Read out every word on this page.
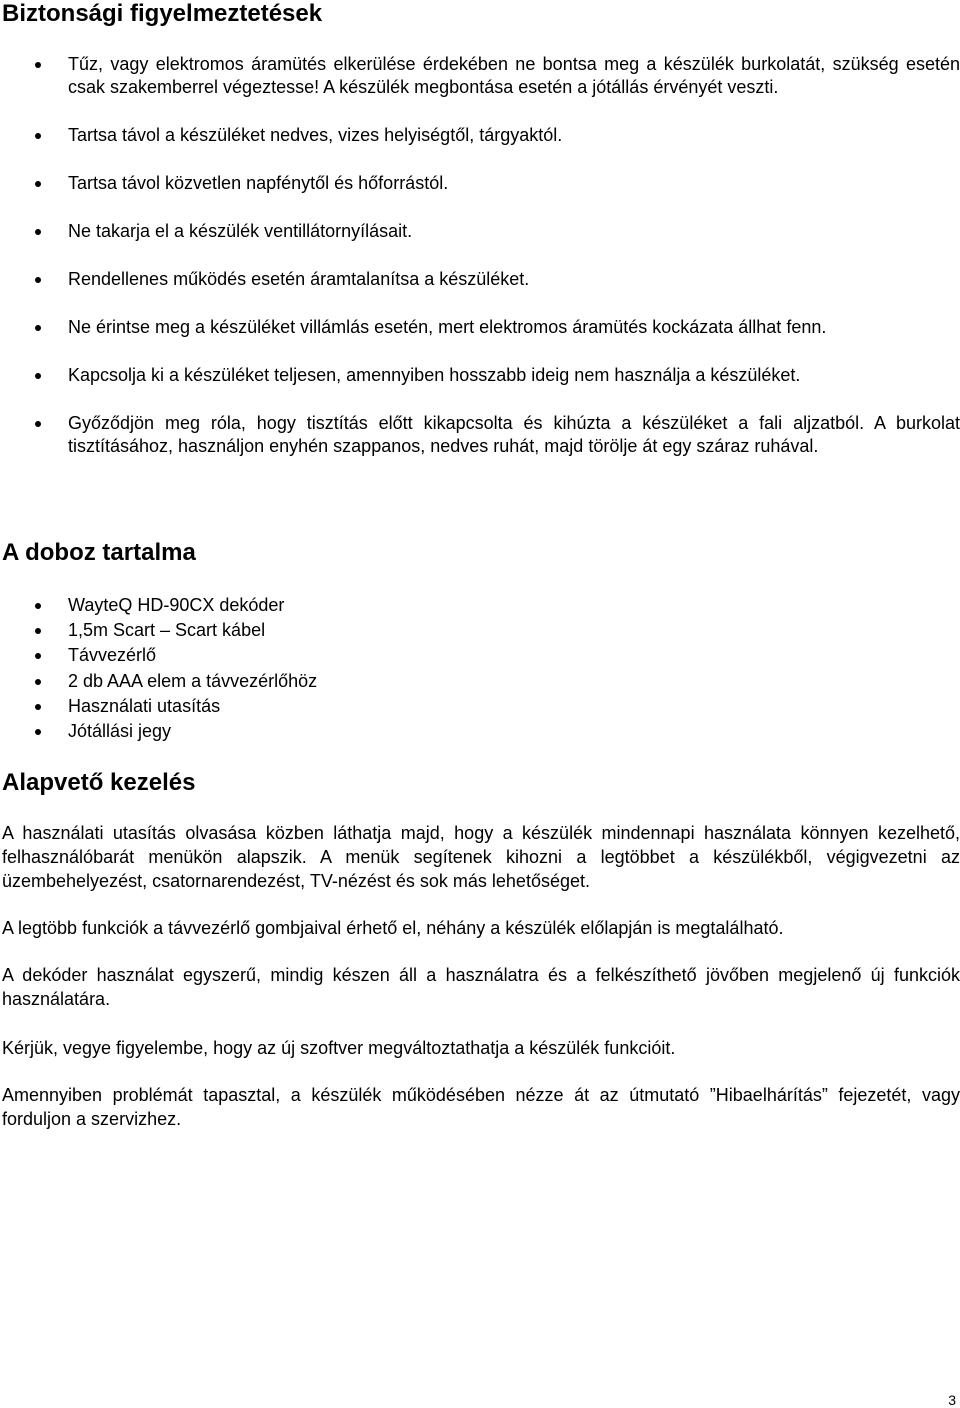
Biztonsági figyelmeztetések
Tűz, vagy elektromos áramütés elkerülése érdekében ne bontsa meg a készülék burkolatát, szükség esetén csak szakemberrel végeztesse! A készülék megbontása esetén a jótállás érvényét veszti.
Tartsa távol a készüléket nedves, vizes helyiségtől, tárgyaktól.
Tartsa távol közvetlen napfénytől és hőforrástól.
Ne takarja el a készülék ventillátornyílásait.
Rendellenes működés esetén áramtalanítsa a készüléket.
Ne érintse meg a készüléket villámlás esetén, mert elektromos áramütés kockázata állhat fenn.
Kapcsolja ki a készüléket teljesen, amennyiben hosszabb ideig nem használja a készüléket.
Győződjön meg róla, hogy tisztítás előtt kikapcsolta és kihúzta a készüléket a fali aljzatból. A burkolat tisztításához, használjon enyhén szappanos, nedves ruhát, majd törölje át egy száraz ruhával.
A doboz tartalma
WayteQ HD-90CX dekóder
1,5m Scart – Scart kábel
Távvezérlő
2 db AAA elem a távvezérlőhöz
Használati utasítás
Jótállási jegy
Alapvető kezelés

A használati utasítás olvasása közben láthatja majd, hogy a készülék mindennapi használata könnyen kezelhető, felhasználóbarát menükön alapszik. A menük segítenek kihozni a legtöbbet a készülékből, végigvezetni az üzembehelyezést, csatornarendezést, TV-nézést és sok más lehetőséget.

A legtöbb funkciók a távvezérlő gombjaival érhető el, néhány a készülék előlapján is megtalálható.

A dekóder használat egyszerű, mindig készen áll a használatra és a felkészíthető jövőben megjelenő új funkciók használatára.

Kérjük, vegye figyelembe, hogy az új szoftver megváltoztathatja a készülék funkcióit.

Amennyiben problémát tapasztal, a készülék működésében nézze át az útmutató ”Hibaelhárítás” fejezetét, vagy forduljon a szervizhez.

3
